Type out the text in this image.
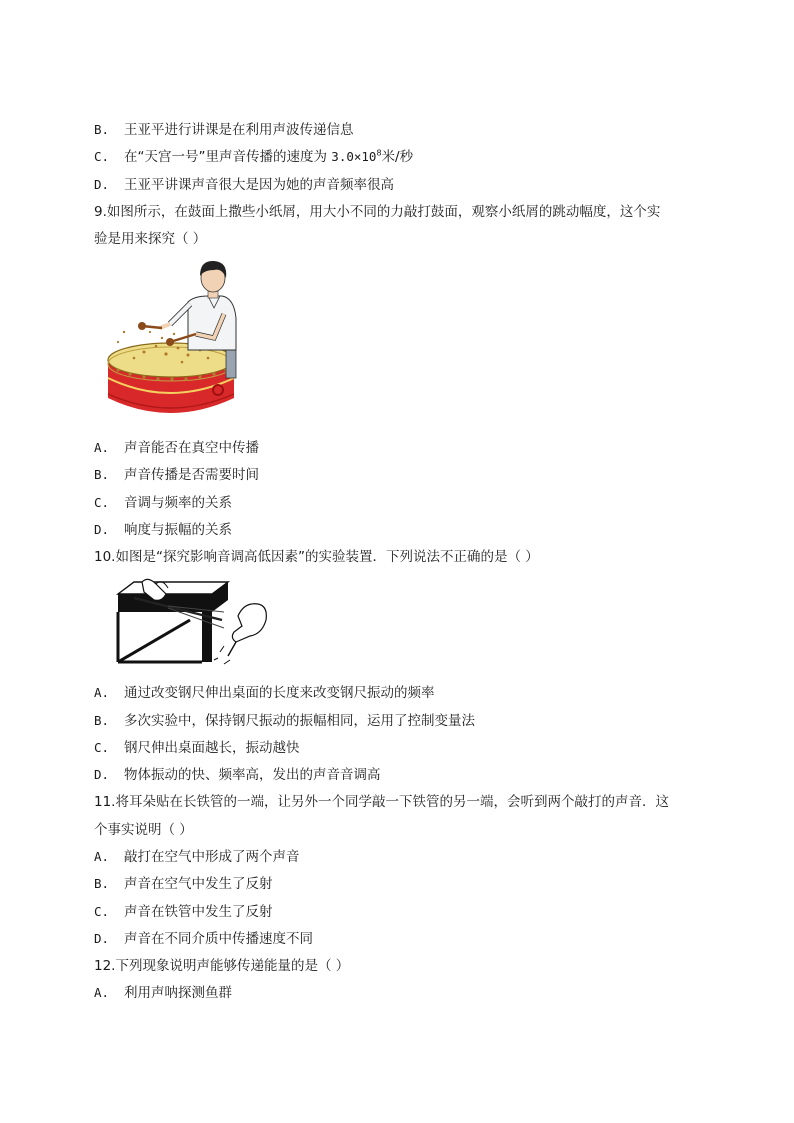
B. 王亚平进行讲课是在利用声波传递信息
C. 在“天宫一号”里声音传播的速度为 $3.0\times 10^8$米/秒
D. 王亚平讲课声音很大是因为她的声音频率很高
9.如图所示，在鼓面上撒些小纸屑，用大小不同的力敲打鼓面，观察小纸屑的跳动幅度，这个实
验是用来探究（ ）
A. 声音能否在真空中传播
B. 声音传播是否需要时间
C. 音调与频率的关系
D. 响度与振幅的关系
10.如图是“探究影响音调高低因素”的实验装置．下列说法不正确的是（ ）
A. 通过改变钢尺伸出桌面的长度来改变钢尺振动的频率
B. 多次实验中，保持钢尺振动的振幅相同，运用了控制变量法
C. 钢尺伸出桌面越长，振动越快
D. 物体振动的快、频率高，发出的声音音调高
11.将耳朵贴在长铁管的一端，让另外一个同学敲一下铁管的另一端，会听到两个敲打的声音．这
个事实说明（ ）
A. 敲打在空气中形成了两个声音
B. 声音在空气中发生了反射
C. 声音在铁管中发生了反射
D. 声音在不同介质中传播速度不同
12.下列现象说明声能够传递能量的是（ ）
A. 利用声呐探测鱼群
